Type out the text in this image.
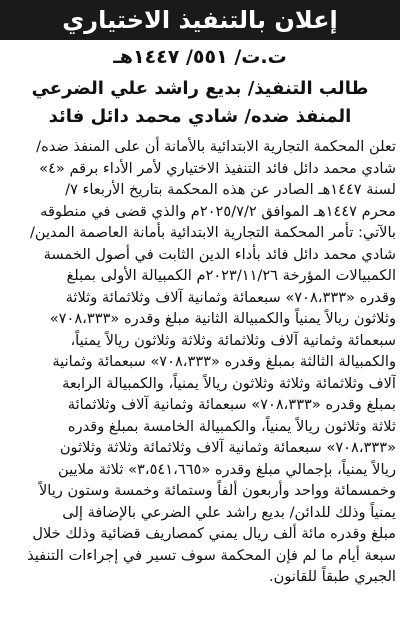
إعلان بالتنفيذ الاختياري
ت.ت/ ٥٥١/ ١٤٤٧هـ
طالب التنفيذ/ بديع راشد علي الضرعي
المنفذ ضده/ شادي محمد دائل فائد
تعلن المحكمة التجارية الابتدائية بالأمانة أن على المنفذ ضده/
شادي محمد دائل فائد التنفيذ الاختياري لأمر الأداء برقم «٤»
لسنة ١٤٤٧هـ الصادر عن هذه المحكمة بتاريخ الأربعاء ٧/
محرم ١٤٤٧هـ الموافق ٢٠٢٥/٧/٢م والذي قضى في منطوقه
بالآتي: تأمر المحكمة التجارية الابتدائية بأمانة العاصمة المدين/
شادي محمد دائل فائد بأداء الدين الثابت في أصول الخمسة
الكمبيالات المؤرخة ٢٠٢٣/١١/٢٦م الكمبيالة الأولى بمبلغ
وقدره «٧٠٨،٣٣٣» سبعمائة وثمانية آلاف وثلاثمائة وثلاثة
وثلاثون ريالاً يمنياً والكمبيالة الثانية مبلغ وقدره «٧٠٨،٣٣٣»
سبعمائة وثمانية آلاف وثلاثمائة وثلاثة وثلاثون ريالاً يمنياً،
والكمبيالة الثالثة بمبلغ وقدره «٧٠٨،٣٣٣» سبعمائة وثمانية
آلاف وثلاثمائة وثلاثة وثلاثون ريالاً يمنياً، والكمبيالة الرابعة
بمبلغ وقدره «٧٠٨،٣٣٣» سبعمائة وثمانية آلاف وثلاثمائة
ثلاثة وثلاثون ريالاً يمنياً، والكمبيالة الخامسة بمبلغ وقدره
«٧٠٨،٣٣٣» سبعمائة وثمانية آلاف وثلاثمائة وثلاثة وثلاثون
ريالاً يمنياً، بإجمالي مبلغ وقدره «٣،٥٤١،٦٦٥» ثلاثة ملايين
وخمسمائة وواحد وأربعون ألفاً وستمائة وخمسة وستون ريالاً
يمنياً وذلك للدائن/ بديع راشد علي الضرعي بالإضافة إلى
مبلغ وقدره مائة ألف ريال يمني كمصاريف قضائية وذلك خلال
سبعة أيام ما لم فإن المحكمة سوف تسير في إجراءات التنفيذ
الجبري طبقاً للقانون.
